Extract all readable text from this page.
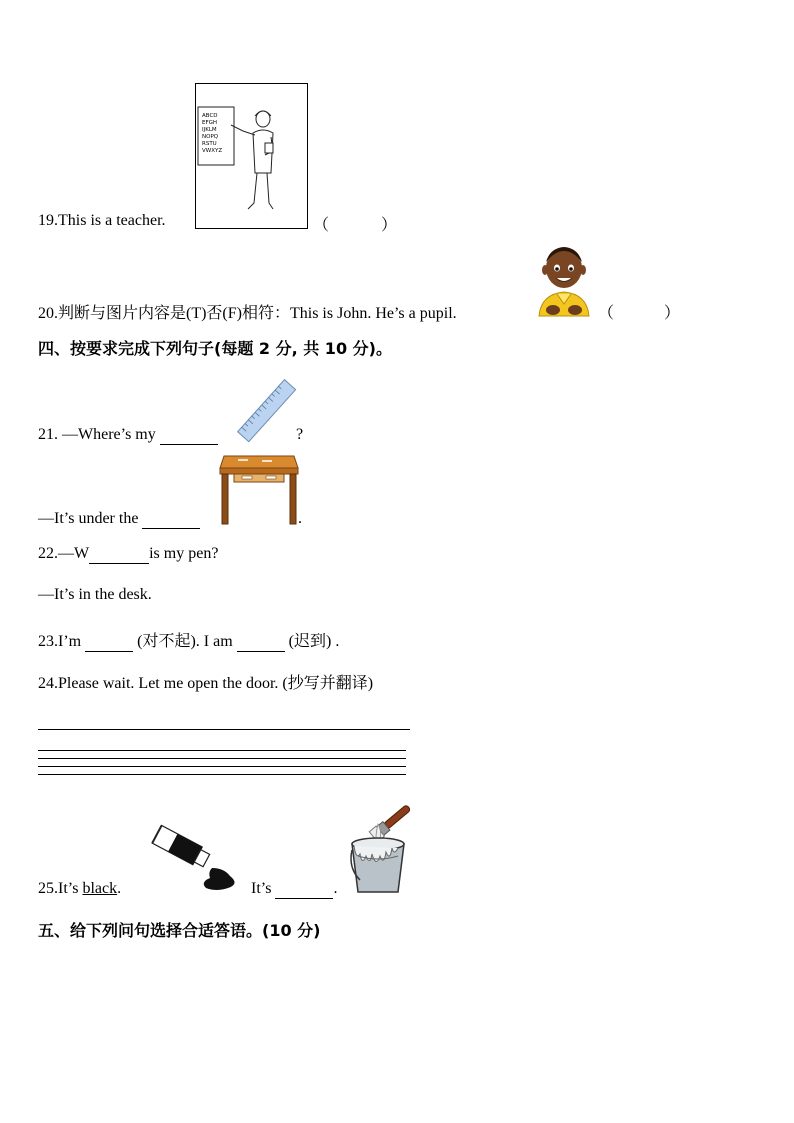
19.This is a teacher.
ABCD
EFGH
IJKLM
NOPQ
RSTU
VWXYZ
（	）
20.判断与图片内容是(T)否(F)相符：This is John. He’s a pupil.	（	）
四、按要求完成下列句子(每题 2 分, 共 10 分)。
21. —Where’s my	?
—It’s under the	.
22.—W	is my pen?
—It’s in the desk.
23.I’m	(对不起). I am	(迟到) .
24.Please wait. Let me open the door. (抄写并翻译)
25.It’s black.	It’s	.
五、给下列问句选择合适答语。(10 分)
